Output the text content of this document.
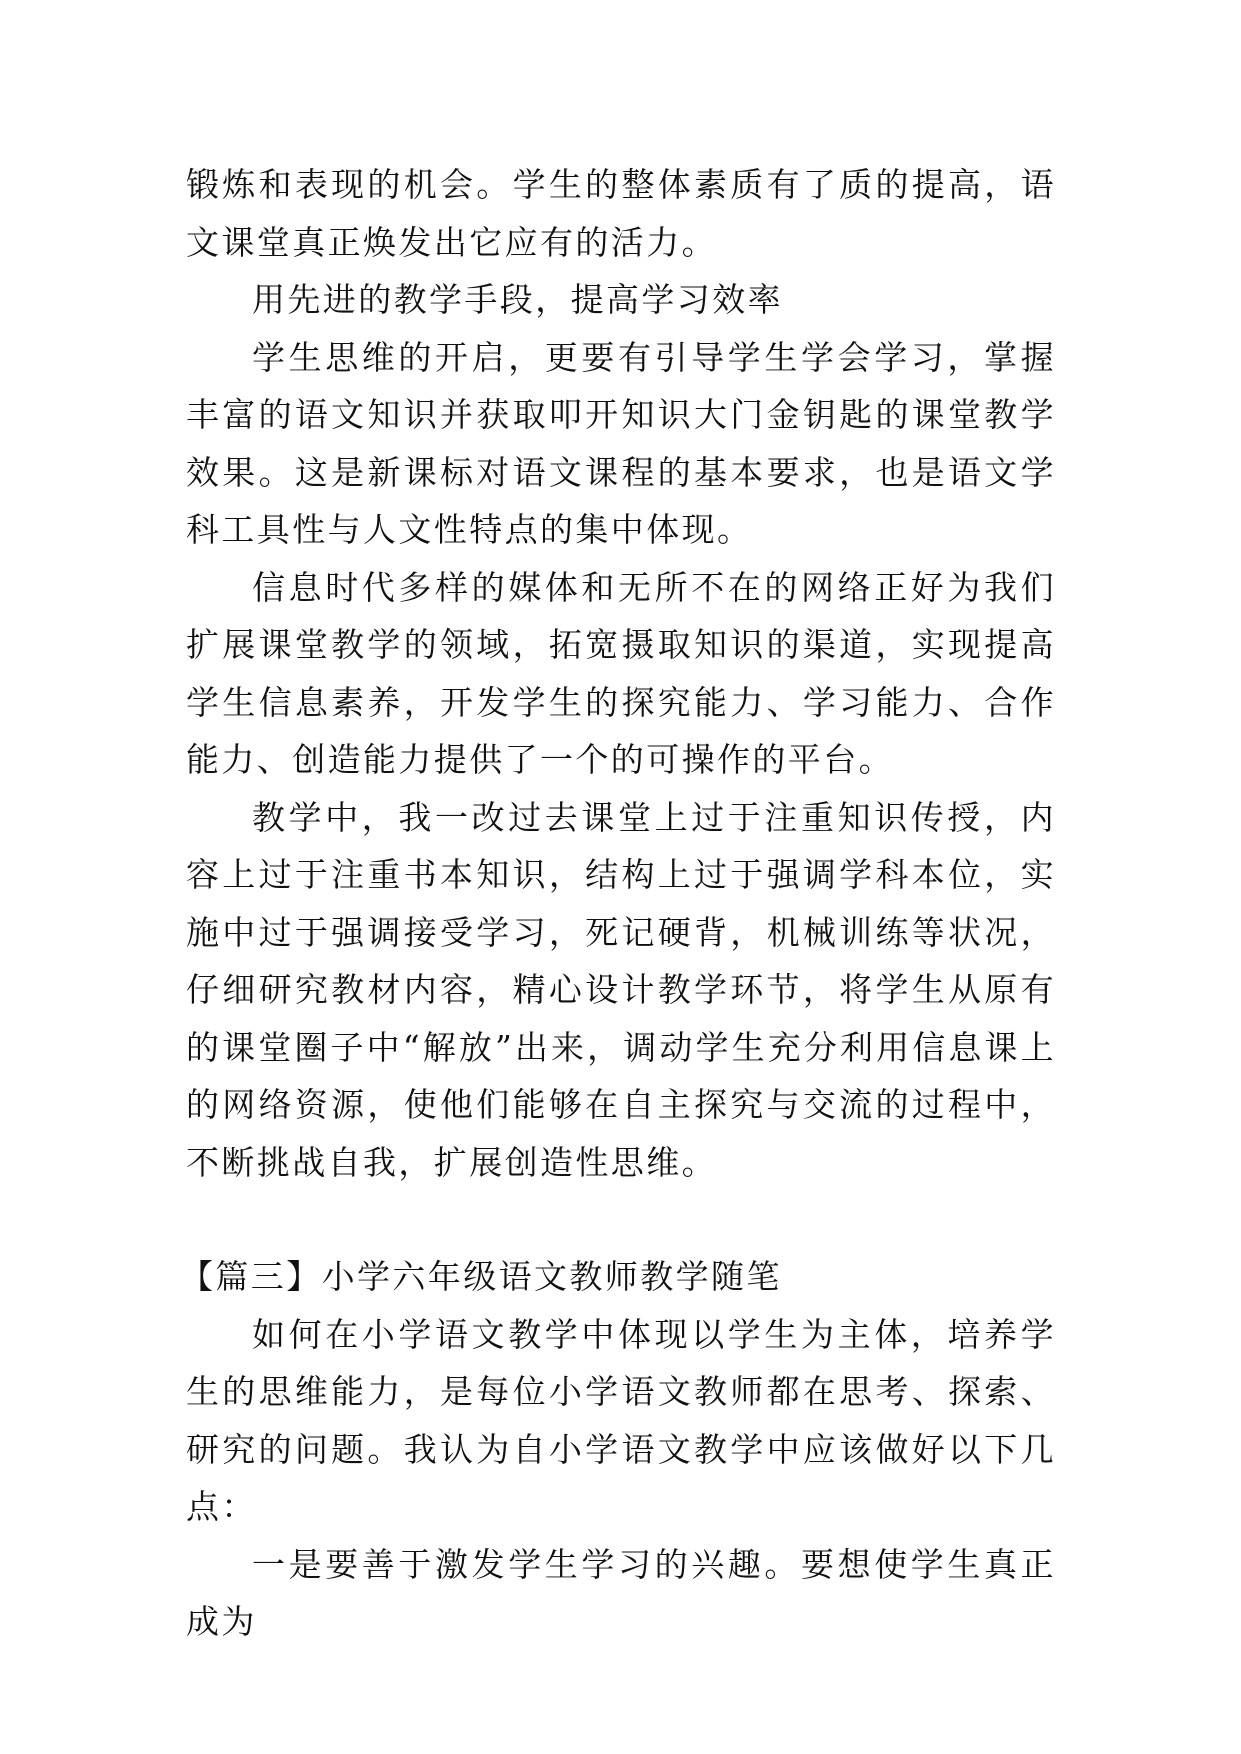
锻炼和表现的机会。学生的整体素质有了质的提高，语文课堂真正焕发出它应有的活力。

用先进的教学手段，提高学习效率

学生思维的开启，更要有引导学生学会学习，掌握丰富的语文知识并获取叩开知识大门金钥匙的课堂教学效果。这是新课标对语文课程的基本要求，也是语文学科工具性与人文性特点的集中体现。

信息时代多样的媒体和无所不在的网络正好为我们扩展课堂教学的领域，拓宽摄取知识的渠道，实现提高学生信息素养，开发学生的探究能力、学习能力、合作能力、创造能力提供了一个的可操作的平台。

教学中，我一改过去课堂上过于注重知识传授，内容上过于注重书本知识，结构上过于强调学科本位，实施中过于强调接受学习，死记硬背，机械训练等状况，仔细研究教材内容，精心设计教学环节，将学生从原有的课堂圈子中“解放”出来，调动学生充分利用信息课上的网络资源，使他们能够在自主探究与交流的过程中，不断挑战自我，扩展创造性思维。

【篇三】小学六年级语文教师教学随笔

如何在小学语文教学中体现以学生为主体，培养学生的思维能力，是每位小学语文教师都在思考、探索、研究的问题。我认为自小学语文教学中应该做好以下几点：

一是要善于激发学生学习的兴趣。要想使学生真正成为
